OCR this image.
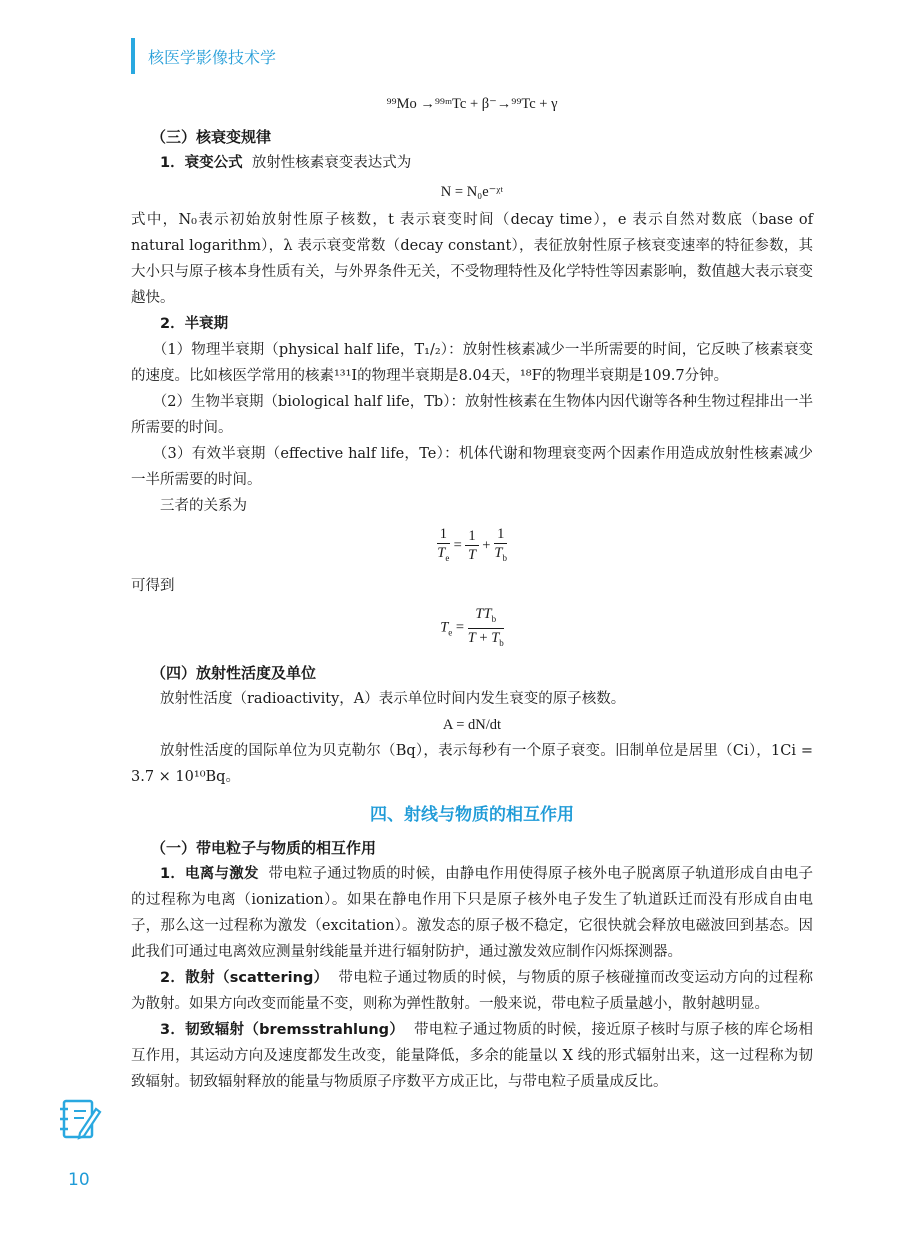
核医学影像技术学
⁹⁹Mo →⁹⁹ᵐTc + β⁻→⁹⁹Tc + γ
（三）核衰变规律

1．衰变公式 放射性核素衰变表达式为

N = N₀e⁻ᵡᵗ

式中，N₀表示初始放射性原子核数，t 表示衰变时间（decay time），e 表示自然对数底（base of natural logarithm），λ 表示衰变常数（decay constant），表征放射性原子核衰变速率的特征参数，其大小只与原子核本身性质有关，与外界条件无关，不受物理特性及化学特性等因素影响，数值越大表示衰变越快。

2．半衰期

（1）物理半衰期（physical half life，T₁/₂）：放射性核素减少一半所需要的时间，它反映了核素衰变的速度。比如核医学常用的核素¹³¹I的物理半衰期是8.04天，¹⁸F的物理半衰期是109.7分钟。

（2）生物半衰期（biological half life，Tb）：放射性核素在生物体内因代谢等各种生物过程排出一半所需要的时间。

（3）有效半衰期（effective half life，Te）：机体代谢和物理衰变两个因素作用造成放射性核素减少一半所需要的时间。

三者的关系为

$\frac{1}{T_e} = \frac{1}{T} + \frac{1}{T_b}$

可得到

$T_e = \frac{TT_b}{T + T_b}$
（四）放射性活度及单位

放射性活度（radioactivity，A）表示单位时间内发生衰变的原子核数。

A = dN/dt

放射性活度的国际单位为贝克勒尔（Bq），表示每秒有一个原子衰变。旧制单位是居里（Ci），1Ci = 3.7 × 10¹⁰Bq。

四、射线与物质的相互作用
（一）带电粒子与物质的相互作用

1．电离与激发 带电粒子通过物质的时候，由静电作用使得原子核外电子脱离原子轨道形成自由电子的过程称为电离（ionization）。如果在静电作用下只是原子核外电子发生了轨道跃迁而没有形成自由电子，那么这一过程称为激发（excitation）。激发态的原子极不稳定，它很快就会释放电磁波回到基态。因此我们可通过电离效应测量射线能量并进行辐射防护，通过激发效应制作闪烁探测器。

2．散射（scattering） 带电粒子通过物质的时候，与物质的原子核碰撞而改变运动方向的过程称为散射。如果方向改变而能量不变，则称为弹性散射。一般来说，带电粒子质量越小，散射越明显。

3．韧致辐射（bremsstrahlung） 带电粒子通过物质的时候，接近原子核时与原子核的库仑场相互作用，其运动方向及速度都发生改变，能量降低，多余的能量以 X 线的形式辐射出来，这一过程称为韧致辐射。韧致辐射释放的能量与物质原子序数平方成正比，与带电粒子质量成反比。

10
